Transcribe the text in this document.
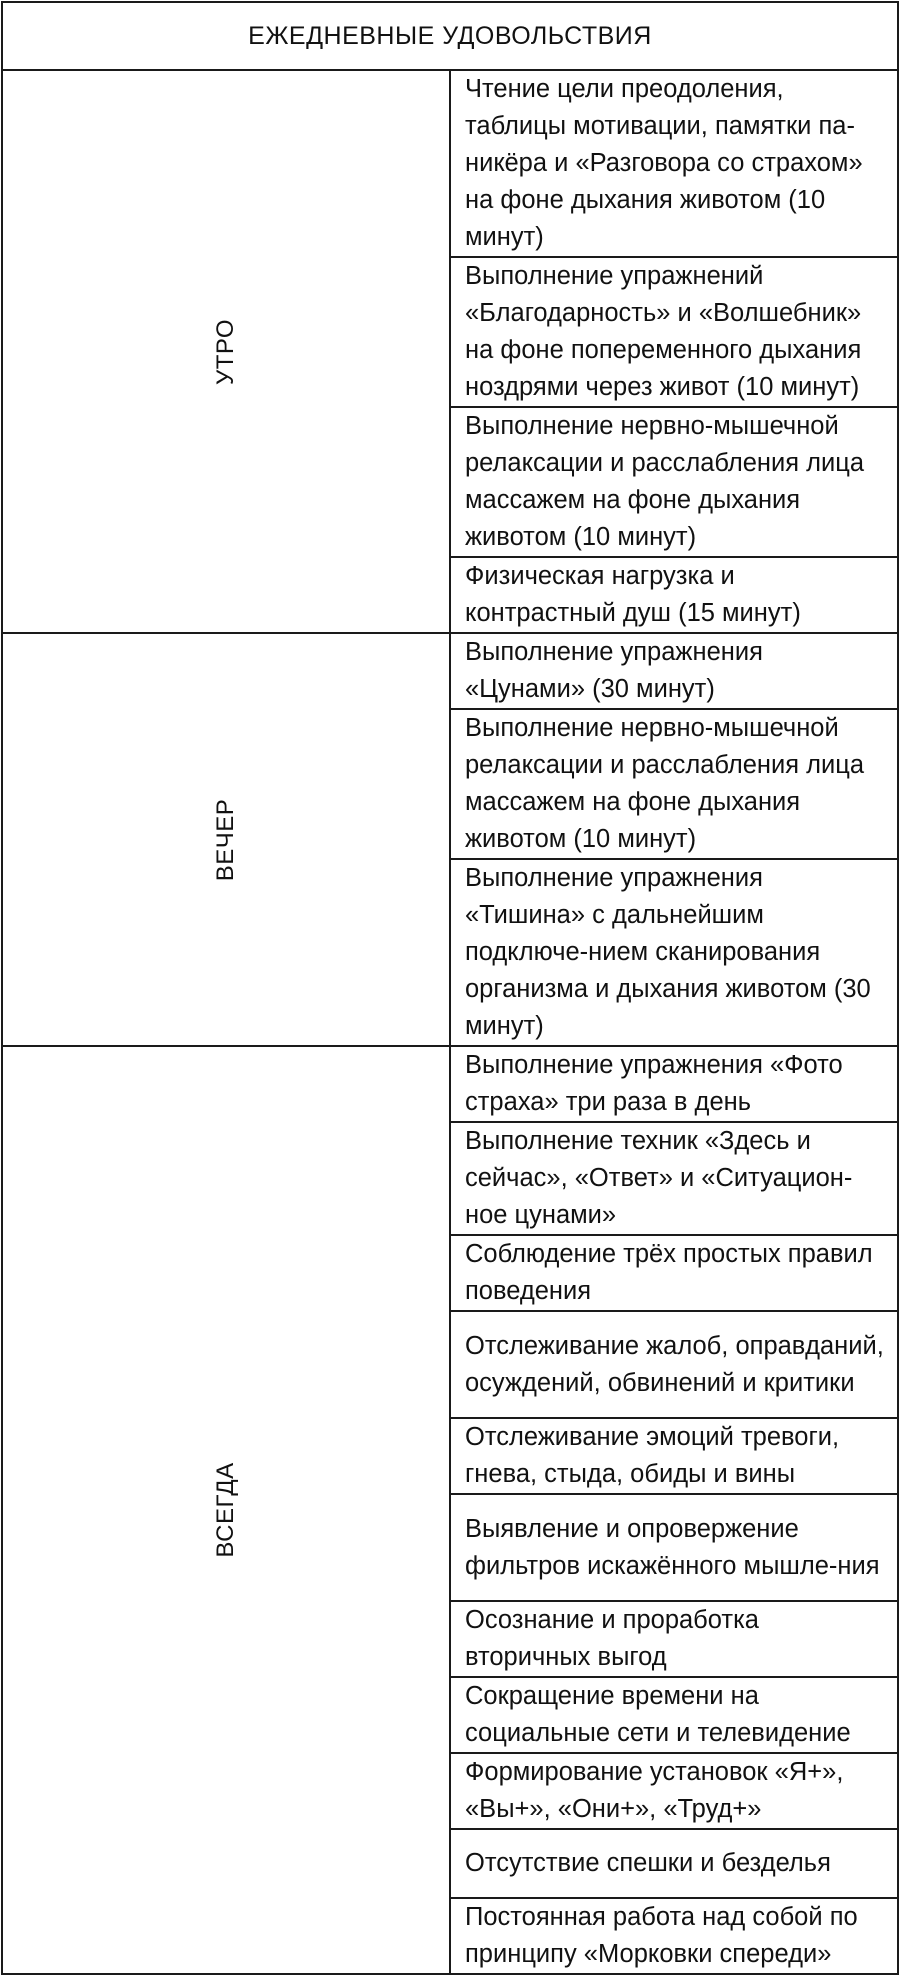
ЕЖЕДНЕВНЫЕ УДОВОЛЬСТВИЯ	

УТРО	Чтение цели преодоления, таблицы мотивации, памятки па-никёра и «Разговора со страхом» на фоне дыхания животом (10 минут)
	Выполнение упражнений «Благодарность» и «Волшебник» на фоне попеременного дыхания ноздрями через живот (10 минут)
	Выполнение нервно-мышечной релаксации и расслабления лица массажем на фоне дыхания животом (10 минут)
	Физическая нагрузка и контрастный душ (15 минут)

ВЕЧЕР	Выполнение упражнения «Цунами» (30 минут)
	Выполнение нервно-мышечной релаксации и расслабления лица массажем на фоне дыхания животом (10 минут)
	Выполнение упражнения «Тишина» с дальнейшим подключе-нием сканирования организма и дыхания животом (30 минут)

ВСЕГДА	Выполнение упражнения «Фото страха» три раза в день
	Выполнение техник «Здесь и сейчас», «Ответ» и «Ситуацион-ное цунами»
	Соблюдение трёх простых правил поведения
	Отслеживание жалоб, оправданий, осуждений, обвинений и критики
	Отслеживание эмоций тревоги, гнева, стыда, обиды и вины
	Выявление и опровержение фильтров искажённого мышле-ния
	Осознание и проработка вторичных выгод
	Сокращение времени на социальные сети и телевидение
	Формирование установок «Я+», «Вы+», «Они+», «Труд+»
	Отсутствие спешки и безделья
	Постоянная работа над собой по принципу «Морковки спереди»
